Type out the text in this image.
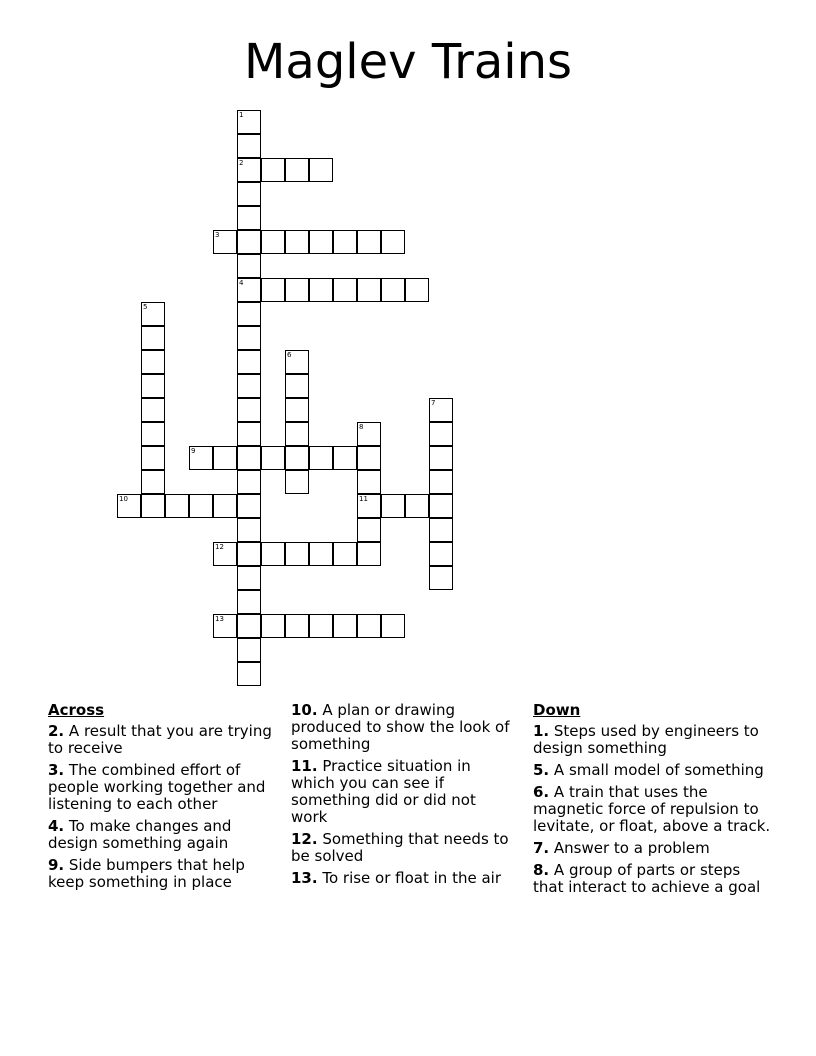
Maglev Trains
1
2
3
4
5
6
7
8
9
10	11
12
13
Across
2. A result that you are trying to receive
3. The combined effort of people working together and listening to each other
4. To make changes and design something again
9. Side bumpers that help keep something in place
10. A plan or drawing produced to show the look of something
11. Practice situation in which you can see if something did or did not work
12. Something that needs to be solved
13. To rise or float in the air
Down
1. Steps used by engineers to design something
5. A small model of something
6. A train that uses the magnetic force of repulsion to levitate, or float, above a track.
7. Answer to a problem
8. A group of parts or steps that interact to achieve a goal
